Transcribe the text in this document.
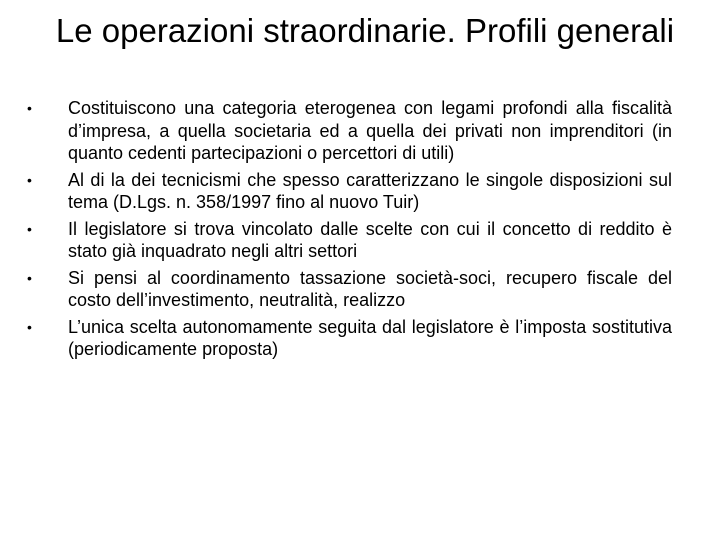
Le operazioni straordinarie. Profili generali
•	Costituiscono una categoria eterogenea con legami profondi alla fiscalità d’impresa, a quella societaria ed a quella dei privati non imprenditori (in quanto cedenti partecipazioni o percettori di utili)
•	Al di la dei tecnicismi che spesso caratterizzano le singole disposizioni sul tema (D.Lgs. n. 358/1997 fino al nuovo Tuir)
•	Il legislatore si trova vincolato dalle scelte con cui il concetto di reddito è stato già inquadrato negli altri settori
•	Si pensi al coordinamento tassazione società-soci, recupero fiscale del costo dell’investimento, neutralità, realizzo
•	L’unica scelta autonomamente seguita dal legislatore è l’imposta sostitutiva (periodicamente proposta)
